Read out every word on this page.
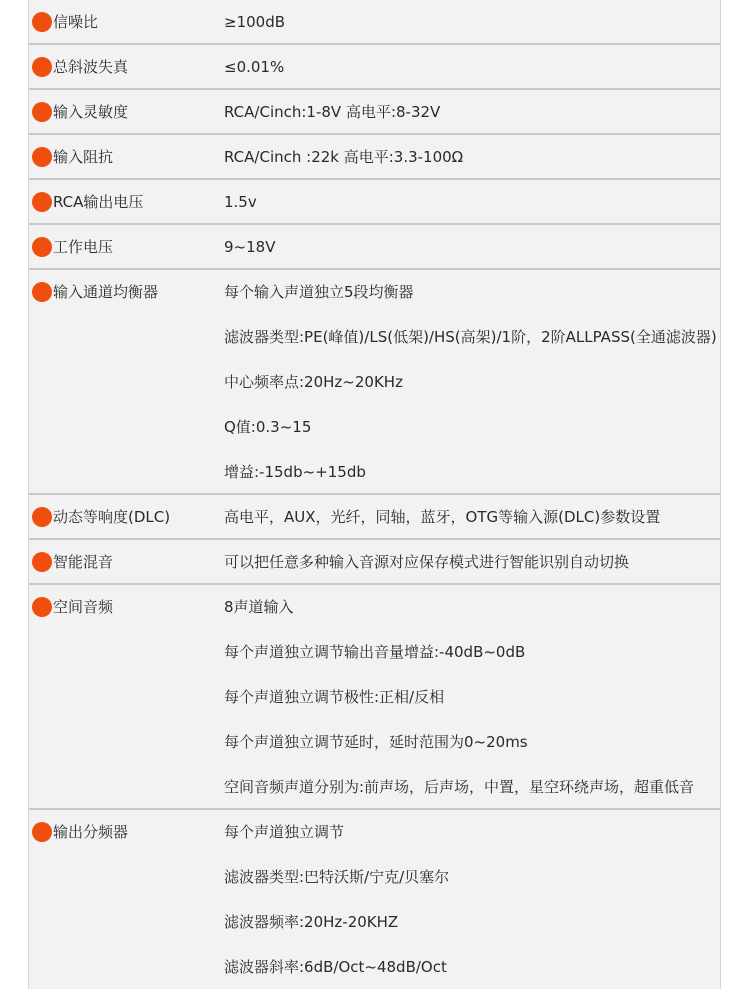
信噪比	≥100dB
总斜波失真	≤0.01%
输入灵敏度	RCA/Cinch:1-8V 高电平:8-32V
输入阻抗	RCA/Cinch :22k 高电平:3.3-100Ω
RCA输出电压	1.5v
工作电压	9~18V
输入通道均衡器	每个输入声道独立5段均衡器
滤波器类型:PE(峰值)/LS(低架)/HS(高架)/1阶，2阶ALLPASS(全通滤波器)
中心频率点:20Hz~20KHz
Q值:0.3~15
增益:-15db~+15db
动态等响度(DLC)	高电平，AUX，光纤，同轴，蓝牙，OTG等输入源(DLC)参数设置
智能混音	可以把任意多种输入音源对应保存模式进行智能识别自动切换
空间音频	8声道输入
每个声道独立调节输出音量增益:-40dB~0dB
每个声道独立调节极性:正相/反相
每个声道独立调节延时，延时范围为0~20ms
空间音频声道分别为:前声场，后声场，中置，星空环绕声场，超重低音
输出分频器	每个声道独立调节
滤波器类型:巴特沃斯/宁克/贝塞尔
滤波器频率:20Hz-20KHZ
滤波器斜率:6dB/Oct~48dB/Oct
